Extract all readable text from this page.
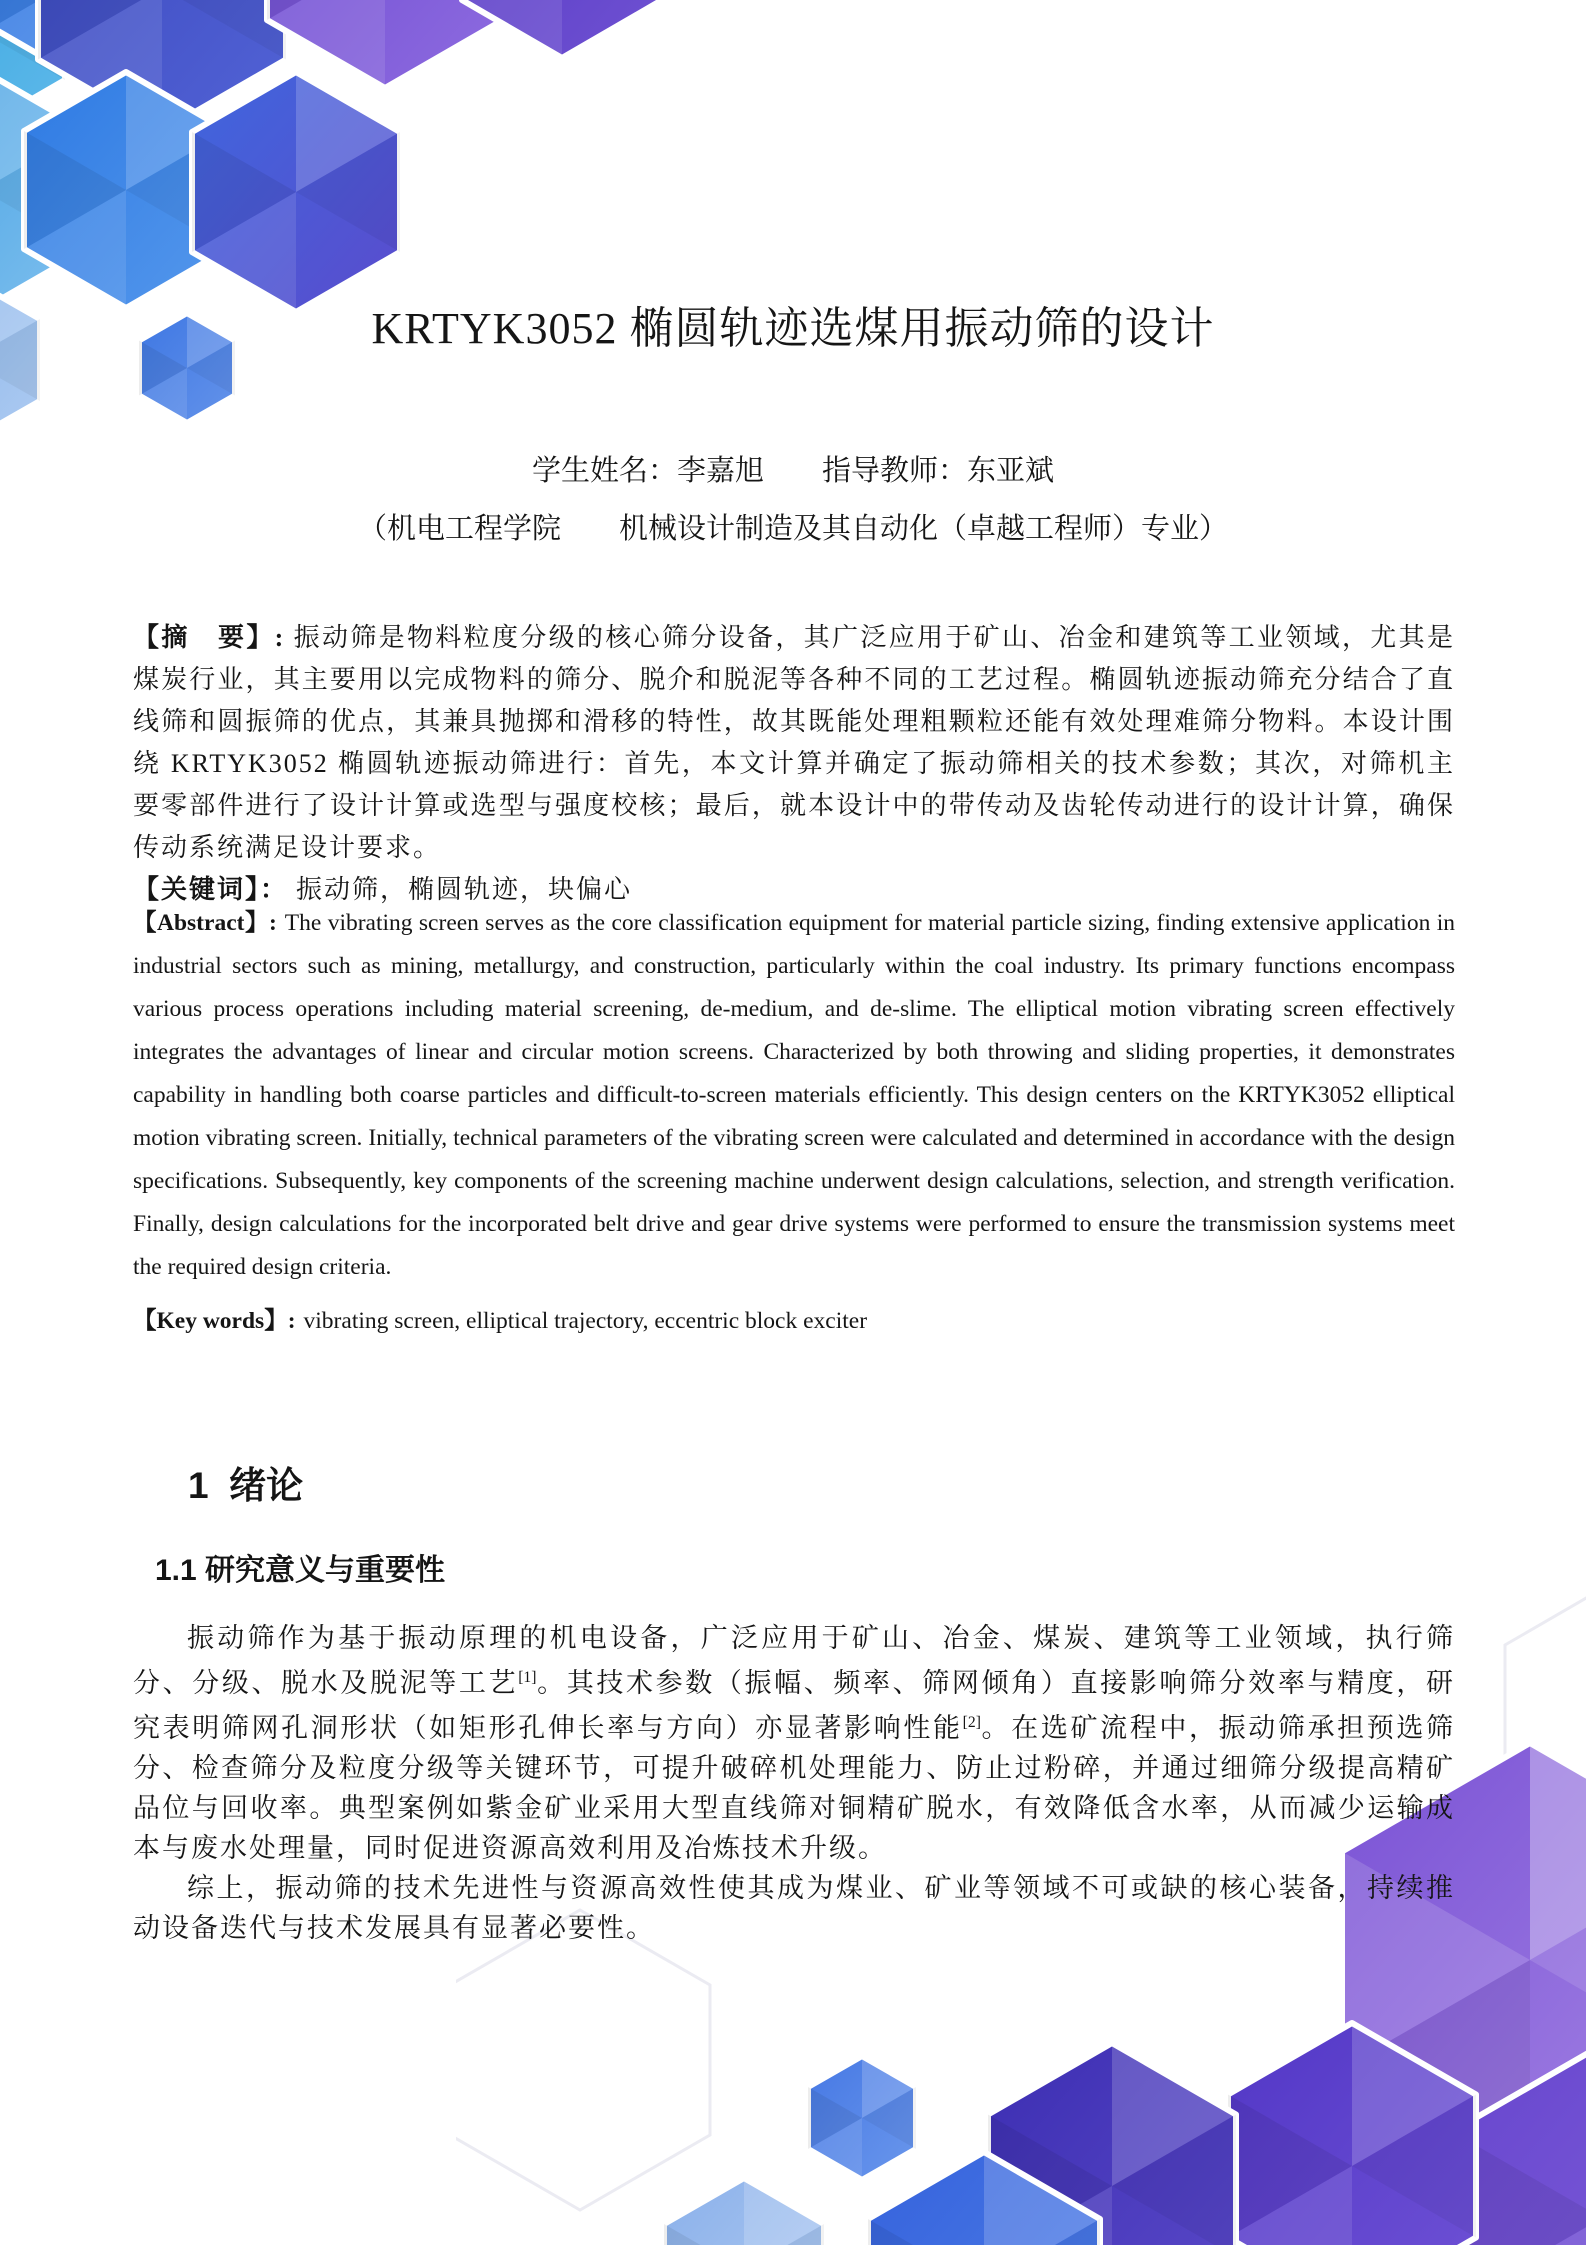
KRTYK3052 椭圆轨迹选煤用振动筛的设计
学生姓名：李嘉旭　　指导教师：东亚斌
（机电工程学院　　机械设计制造及其自动化（卓越工程师）专业）
【摘　要】: 振动筛是物料粒度分级的核心筛分设备，其广泛应用于矿山、冶金和建筑等工业领域，尤其是煤炭行业，其主要用以完成物料的筛分、脱介和脱泥等各种不同的工艺过程。椭圆轨迹振动筛充分结合了直线筛和圆振筛的优点，其兼具抛掷和滑移的特性，故其既能处理粗颗粒还能有效处理难筛分物料。本设计围绕 KRTYK3052 椭圆轨迹振动筛进行：首先，本文计算并确定了振动筛相关的技术参数；其次，对筛机主要零部件进行了设计计算或选型与强度校核；最后，就本设计中的带传动及齿轮传动进行的设计计算，确保传动系统满足设计要求。
【关键词】： 振动筛，椭圆轨迹，块偏心
【Abstract】: The vibrating screen serves as the core classification equipment for material particle sizing, finding extensive application in industrial sectors such as mining, metallurgy, and construction, particularly within the coal industry. Its primary functions encompass various process operations including material screening, de-medium, and de-slime. The elliptical motion vibrating screen effectively integrates the advantages of linear and circular motion screens. Characterized by both throwing and sliding properties, it demonstrates capability in handling both coarse particles and difficult-to-screen materials efficiently. This design centers on the KRTYK3052 elliptical motion vibrating screen. Initially, technical parameters of the vibrating screen were calculated and determined in accordance with the design specifications. Subsequently, key components of the screening machine underwent design calculations, selection, and strength verification. Finally, design calculations for the incorporated belt drive and gear drive systems were performed to ensure the transmission systems meet the required design criteria.
【Key words】: vibrating screen, elliptical trajectory, eccentric block exciter
1  绪论
1.1 研究意义与重要性

振动筛作为基于振动原理的机电设备，广泛应用于矿山、冶金、煤炭、建筑等工业领域，执行筛分、分级、脱水及脱泥等工艺[1]。其技术参数（振幅、频率、筛网倾角）直接影响筛分效率与精度，研究表明筛网孔洞形状（如矩形孔伸长率与方向）亦显著影响性能[2]。在选矿流程中，振动筛承担预选筛分、检查筛分及粒度分级等关键环节，可提升破碎机处理能力、防止过粉碎，并通过细筛分级提高精矿品位与回收率。典型案例如紫金矿业采用大型直线筛对铜精矿脱水，有效降低含水率，从而减少运输成本与废水处理量，同时促进资源高效利用及冶炼技术升级。

综上，振动筛的技术先进性与资源高效性使其成为煤业、矿业等领域不可或缺的核心装备，持续推动设备迭代与技术发展具有显著必要性。
